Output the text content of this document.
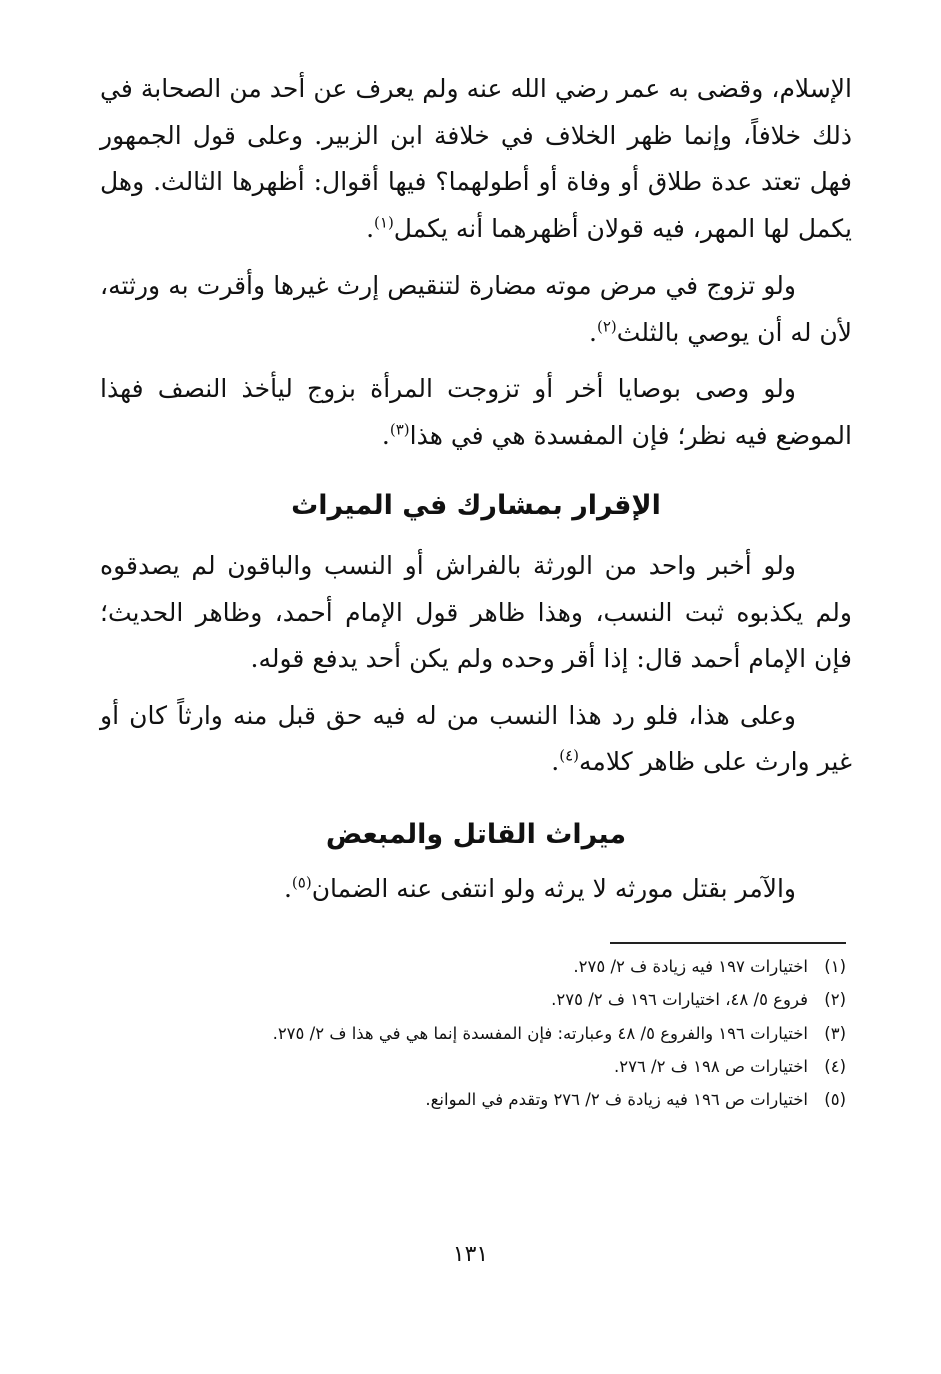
الإسلام، وقضى به عمر رضي الله عنه ولم يعرف عن أحد من الصحابة في ذلك خلافاً، وإنما ظهر الخلاف في خلافة ابن الزبير. وعلى قول الجمهور فهل تعتد عدة طلاق أو وفاة أو أطولهما؟ فيها أقوال: أظهرها الثالث. وهل يكمل لها المهر، فيه قولان أظهرهما أنه يكمل$^{(١)}$.

ولو تزوج في مرض موته مضارة لتنقيص إرث غيرها وأقرت به ورثته، لأن له أن يوصي بالثلث$^{(٢)}$.

ولو وصى بوصايا أخر أو تزوجت المرأة بزوج ليأخذ النصف فهذا الموضع فيه نظر؛ فإن المفسدة هي في هذا$^{(٣)}$.

الإقرار بمشارك في الميراث

ولو أخبر واحد من الورثة بالفراش أو النسب والباقون لم يصدقوه ولم يكذبوه ثبت النسب، وهذا ظاهر قول الإمام أحمد، وظاهر الحديث؛ فإن الإمام أحمد قال: إذا أقر وحده ولم يكن أحد يدفع قوله.

وعلى هذا، فلو رد هذا النسب من له فيه حق قبل منه وارثاً كان أو غير وارث على ظاهر كلامه$^{(٤)}$.

ميراث القاتل والمبعض

والآمر بقتل مورثه لا يرثه ولو انتفى عنه الضمان$^{(٥)}$.

(١)
اختيارات ١٩٧ فيه زيادة ف ٢/ ٢٧٥.
(٢)
فروع ٥/ ٤٨، اختيارات ١٩٦ ف ٢/ ٢٧٥.
(٣)
اختيارات ١٩٦ والفروع ٥/ ٤٨ وعبارته: فإن المفسدة إنما هي في هذا ف ٢/ ٢٧٥.
(٤)
اختيارات ص ١٩٨ ف ٢/ ٢٧٦.
(٥)
اختيارات ص ١٩٦ فيه زيادة ف ٢/ ٢٧٦ وتقدم في الموانع.
١٣١
